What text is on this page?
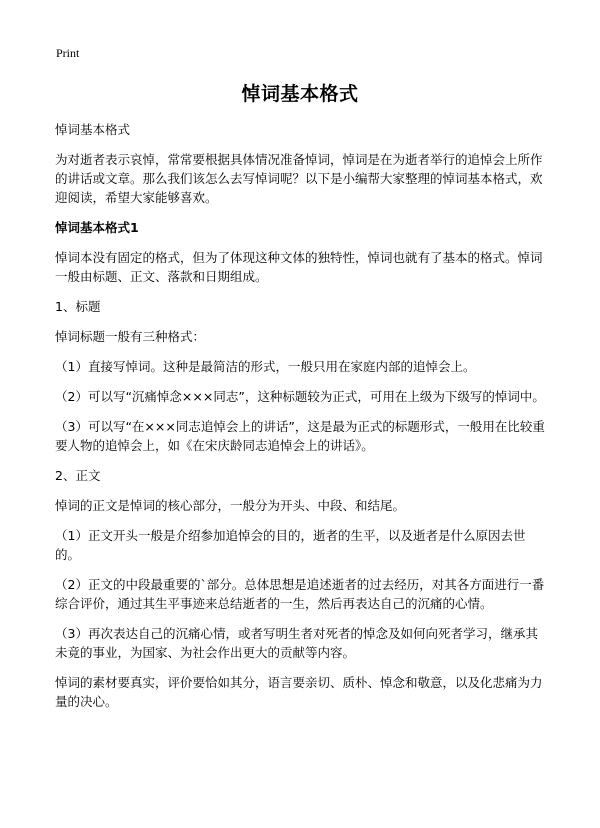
Print
悼词基本格式

悼词基本格式

为对逝者表示哀悼，常常要根据具体情况准备悼词，悼词是在为逝者举行的追悼会上所作的讲话或文章。那么我们该怎么去写悼词呢？以下是小编帮大家整理的悼词基本格式，欢迎阅读，希望大家能够喜欢。

悼词基本格式1

悼词本没有固定的格式，但为了体现这种文体的独特性，悼词也就有了基本的格式。悼词一般由标题、正文、落款和日期组成。

1、标题

悼词标题一般有三种格式：

（1）直接写悼词。这种是最简洁的形式，一般只用在家庭内部的追悼会上。

（2）可以写“沉痛悼念×××同志”，这种标题较为正式，可用在上级为下级写的悼词中。

（3）可以写“在×××同志追悼会上的讲话”，这是最为正式的标题形式，一般用在比较重要人物的追悼会上，如《在宋庆龄同志追悼会上的讲话》。

2、正文

悼词的正文是悼词的核心部分，一般分为开头、中段、和结尾。

（1）正文开头一般是介绍参加追悼会的目的，逝者的生平，以及逝者是什么原因去世的。

（2）正文的中段最重要的`部分。总体思想是追述逝者的过去经历，对其各方面进行一番综合评价，通过其生平事迹来总结逝者的一生，然后再表达自己的沉痛的心情。

（3）再次表达自己的沉痛心情，或者写明生者对死者的悼念及如何向死者学习，继承其未竟的事业，为国家、为社会作出更大的贡献等内容。

悼词的素材要真实，评价要恰如其分，语言要亲切、质朴、悼念和敬意，以及化悲痛为力量的决心。
